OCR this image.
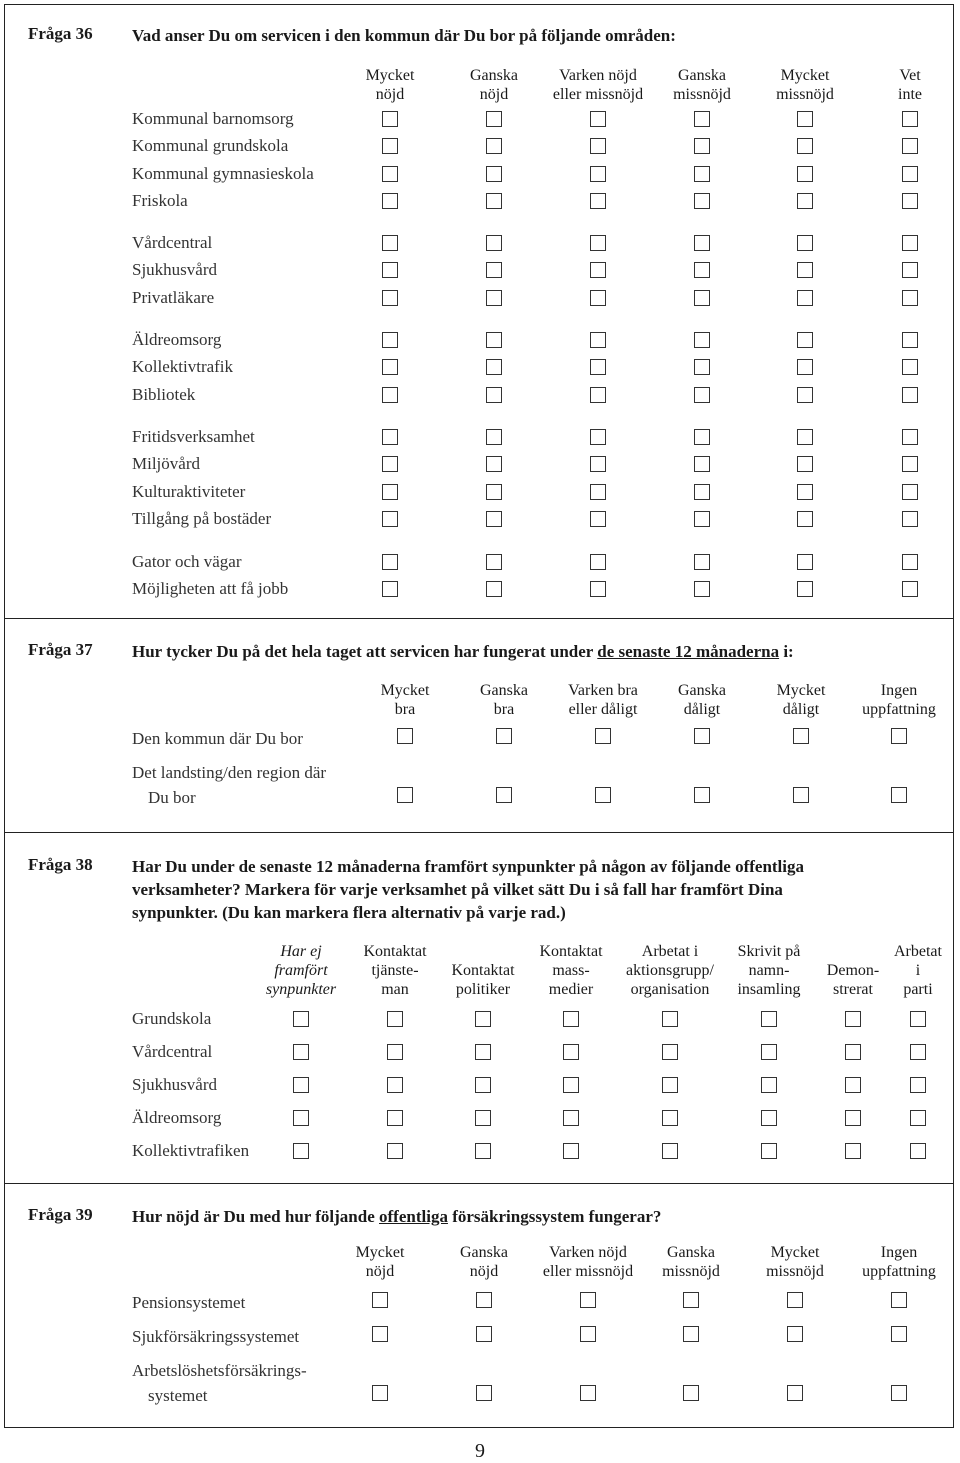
Fråga 36 Vad anser Du om servicen i den kommun där Du bor på följande områden:
Mycket
nöjd
Ganska
nöjd
Varken nöjd
eller missnöjd
Ganska
missnöjd
Mycket
missnöjd
Vet
inte
Kommunal barnomsorg
Kommunal grundskola
Kommunal gymnasieskola
Friskola
Vårdcentral
Sjukhusvård
Privatläkare
Äldreomsorg
Kollektivtrafik
Bibliotek
Fritidsverksamhet
Miljövård
Kulturaktiviteter
Tillgång på bostäder
Gator och vägar
Möjligheten att få jobb
Fråga 37 Hur tycker Du på det hela taget att servicen har fungerat under de senaste 12 månaderna i:
Mycket
bra
Ganska
bra
Varken bra
eller dåligt
Ganska
dåligt
Mycket
dåligt
Ingen
uppfattning
Den kommun där Du bor
Det landsting/den region där
Du bor
Fråga 38 Har Du under de senaste 12 månaderna framfört synpunkter på någon av följande offentliga
verksamheter? Markera för varje verksamhet på vilket sätt Du i så fall har framfört Dina
synpunkter. (Du kan markera flera alternativ på varje rad.)
Har ej
framfört
synpunkter
Kontaktat
tjänste-
man

Kontaktat
politiker
Kontaktat
mass-
medier
Arbetat i
aktionsgrupp/
organisation
Skrivit på
namn-
insamling

Demon-
strerat
Arbetat
i
parti
Grundskola
Vårdcentral
Sjukhusvård
Äldreomsorg
Kollektivtrafiken
Fråga 39 Hur nöjd är Du med hur följande offentliga försäkringssystem fungerar?
Mycket
nöjd
Ganska
nöjd
Varken nöjd
eller missnöjd
Ganska
missnöjd
Mycket
missnöjd
Ingen
uppfattning
Pensionsystemet
Sjukförsäkringssystemet
Arbetslöshetsförsäkrings-
systemet
9
